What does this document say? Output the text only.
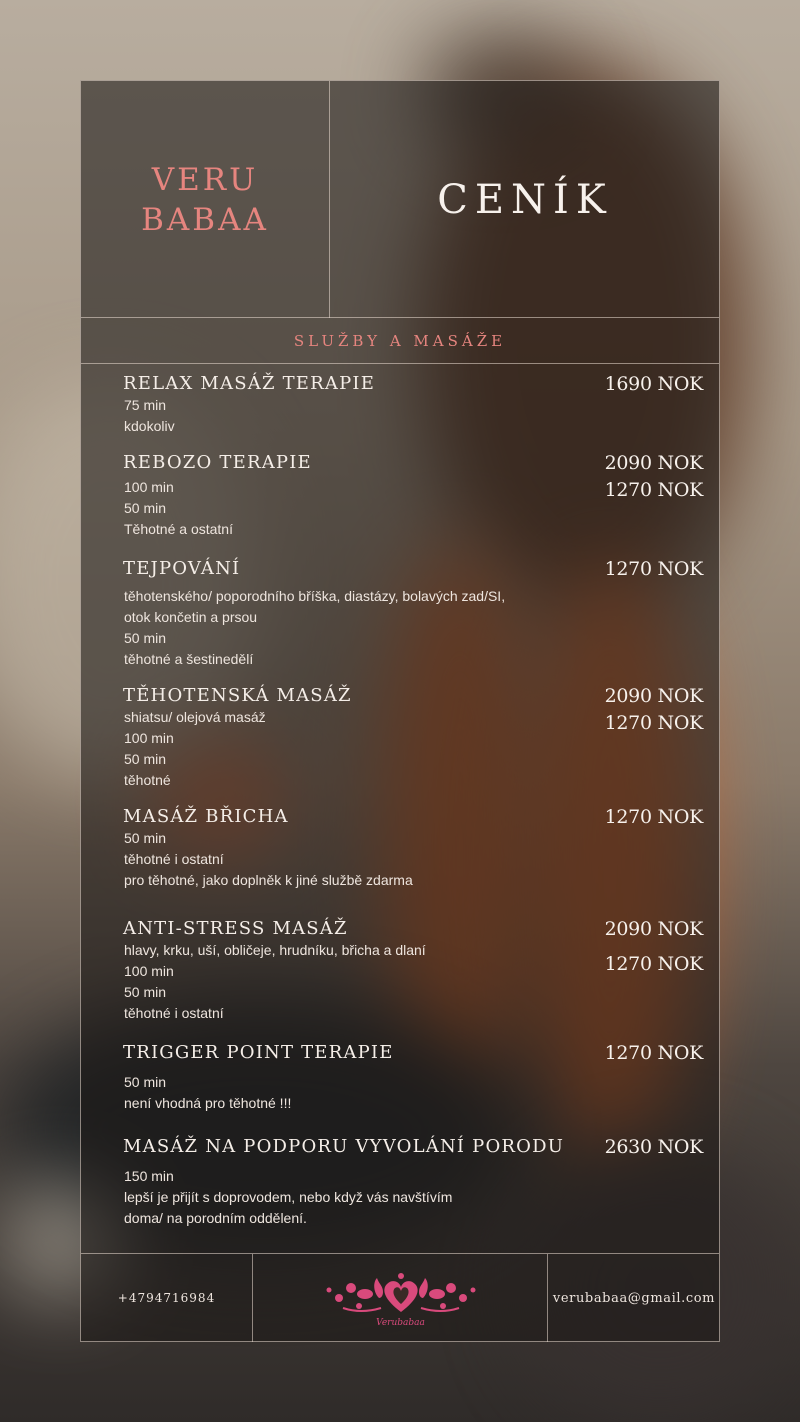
VERU
BABAA	CENÍK
SLUŽBY A MASÁŽE
RELAX MASÁŽ TERAPIE
75 min
kdokoliv
1690 NOK
REBOZO TERAPIE
100 min
50 min
Těhotné a ostatní
2090 NOK
1270 NOK
TEJPOVÁNÍ
těhotenského/ poporodního bříška, diastázy, bolavých zad/SI,
otok končetin a prsou
50 min
těhotné a šestinedělí
1270 NOK
TĚHOTENSKÁ MASÁŽ
shiatsu/ olejová masáž
100 min
50 min
těhotné
2090 NOK
1270 NOK
MASÁŽ BŘICHA
50 min
těhotné i ostatní
pro těhotné, jako doplněk k jiné službě zdarma
1270 NOK
ANTI-STRESS MASÁŽ
hlavy, krku, uší, obličeje, hrudníku, břicha a dlaní
100 min
50 min
těhotné i ostatní
2090 NOK
1270 NOK
TRIGGER POINT TERAPIE
50 min
není vhodná pro těhotné !!!
1270 NOK
MASÁŽ NA PODPORU VYVOLÁNÍ PORODU
150 min
lepší je přijít s doprovodem, nebo když vás navštívím
doma/ na porodním oddělení.
2630 NOK
+4794716984
Verubabaa
verubabaa@gmail.com
